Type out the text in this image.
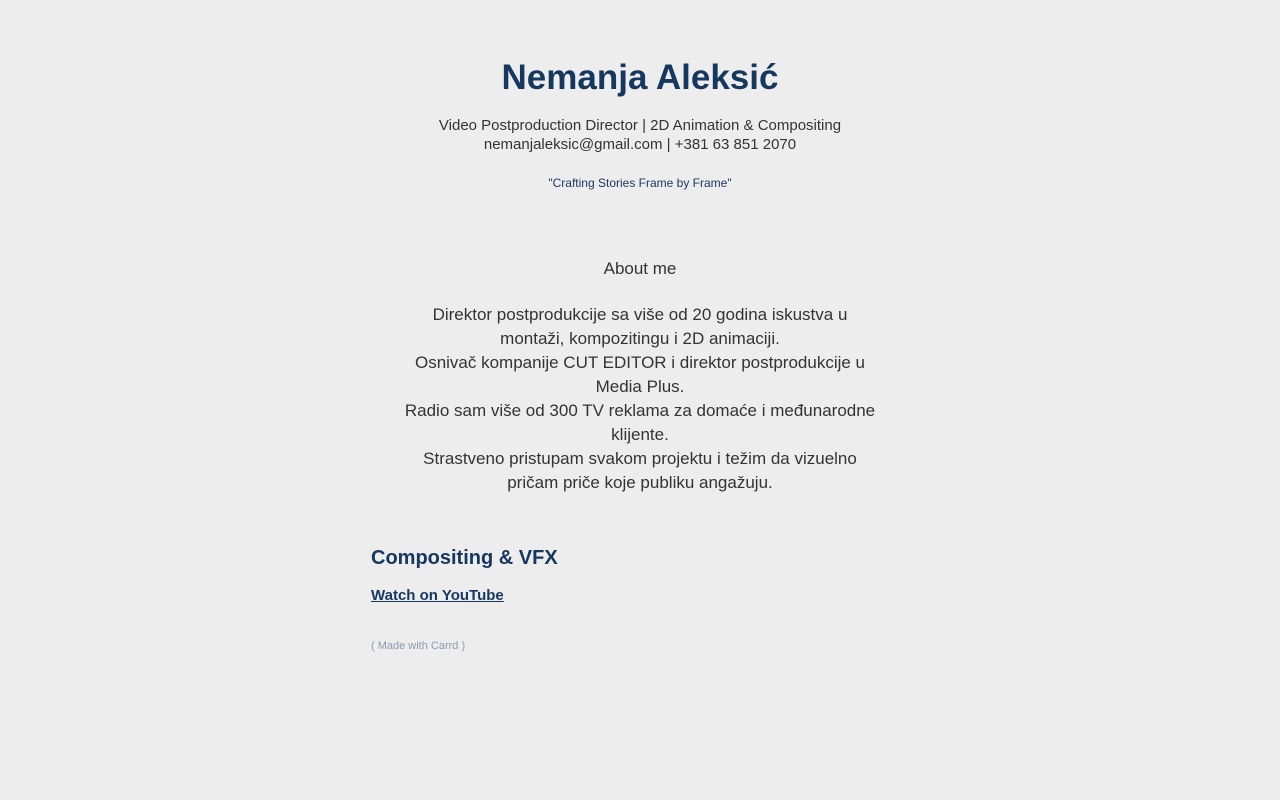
Nemanja Aleksić
Video Postproduction Director | 2D Animation & Compositing
nemanjaleksic@gmail.com | +381 63 851 2070
"Crafting Stories Frame by Frame"
About me

Direktor postprodukcije sa više od 20 godina iskustva u montaži, kompozitingu i 2D animaciji.

Osnivač kompanije CUT EDITOR i direktor postprodukcije u Media Plus.

Radio sam više od 300 TV reklama za domaće i međunarodne klijente.

Strastveno pristupam svakom projektu i težim da vizuelno pričam priče koje publiku angažuju.

Compositing & VFX
Watch on YouTube
( Made with Carrd )
